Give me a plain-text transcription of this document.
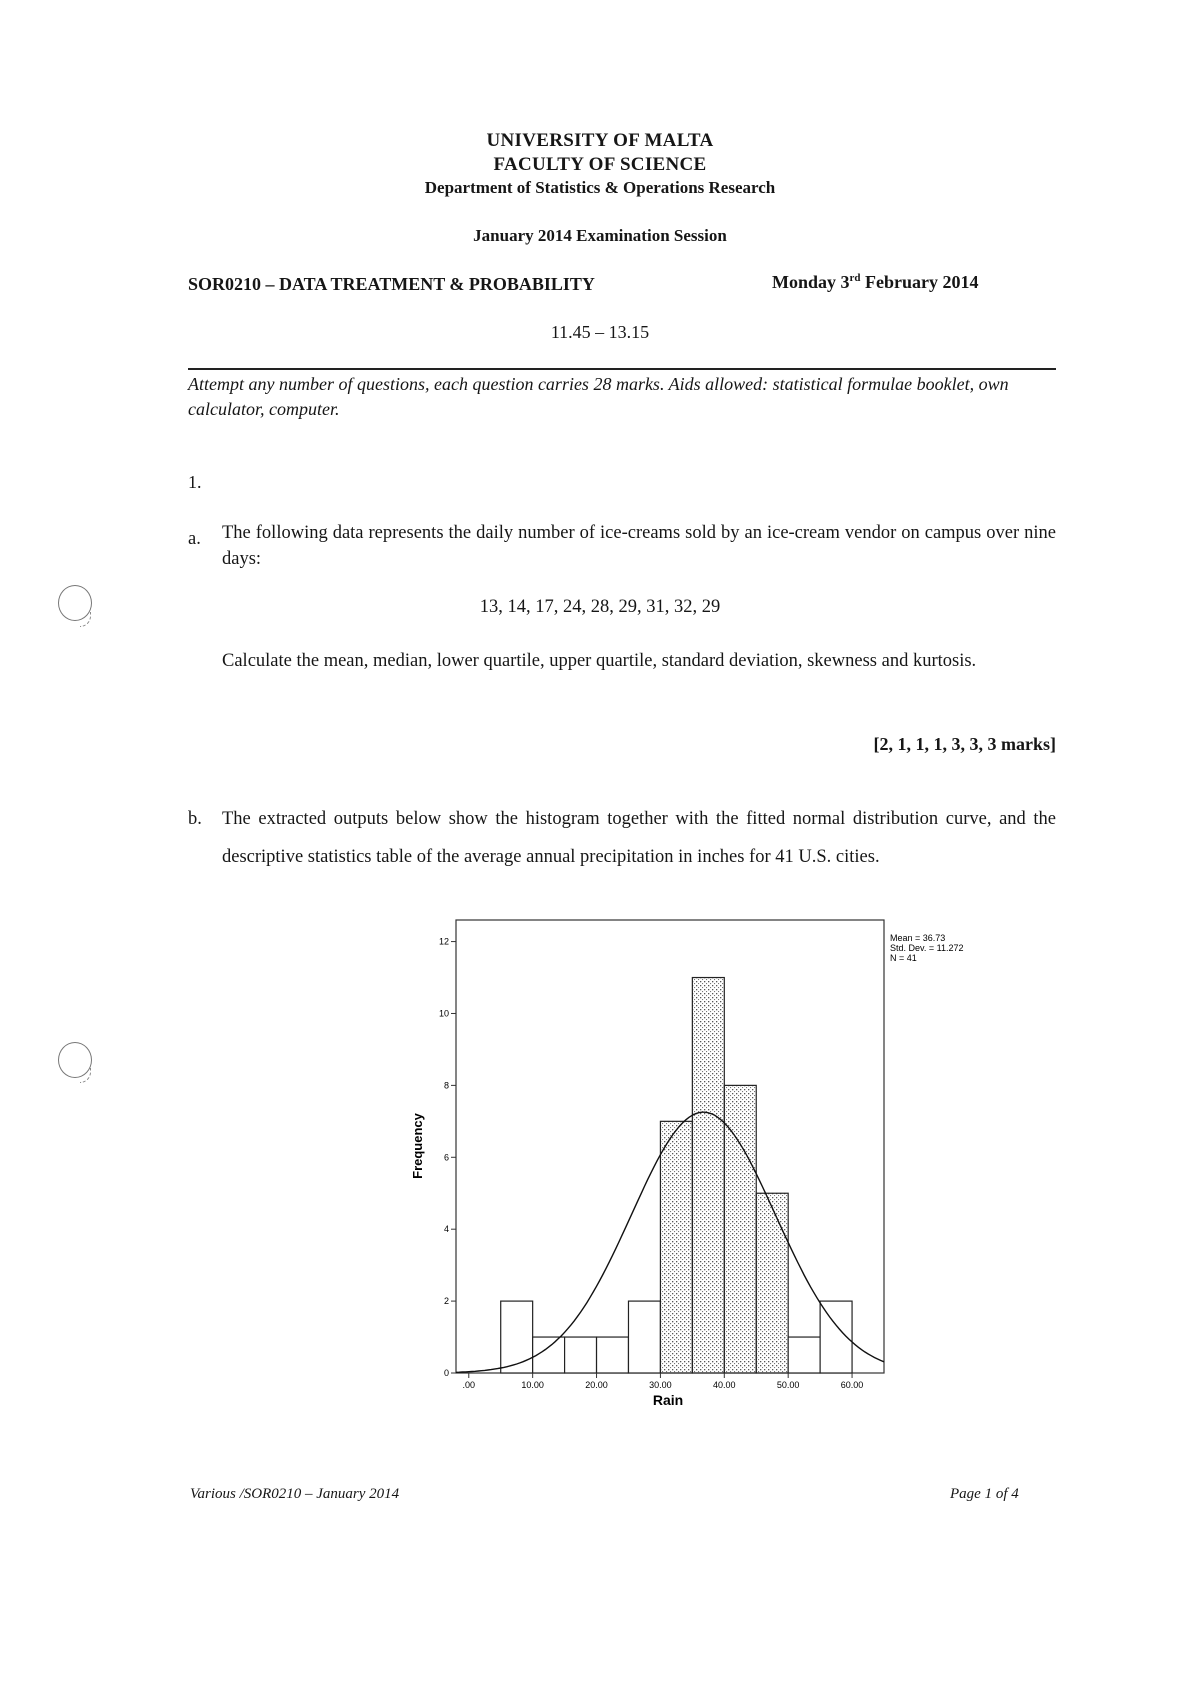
UNIVERSITY OF MALTA
FACULTY OF SCIENCE
Department of Statistics & Operations Research
January 2014 Examination Session
SOR0210 – DATA TREATMENT & PROBABILITY	Monday 3rd February 2014
11.45 – 13.15
Attempt any number of questions, each question carries 28 marks. Aids allowed: statistical formulae booklet, own calculator, computer.
1.
a.	The following data represents the daily number of ice-creams sold by an ice-cream vendor on campus over nine days:
13, 14, 17, 24, 28, 29, 31, 32, 29
Calculate the mean, median, lower quartile, upper quartile, standard deviation, skewness and kurtosis.
[2, 1, 1, 1, 3, 3, 3 marks]
b.	The extracted outputs below show the histogram together with the fitted normal distribution curve, and the descriptive statistics table of the average annual precipitation in inches for 41 U.S. cities.
0
2
4
6
8
10
12
.00	10.00	20.00	30.00	40.00	50.00	60.00
Rain
Frequency
Mean = 36.73
Std. Dev. = 11.272
N = 41
Various /SOR0210 – January 2014	Page 1 of 4
